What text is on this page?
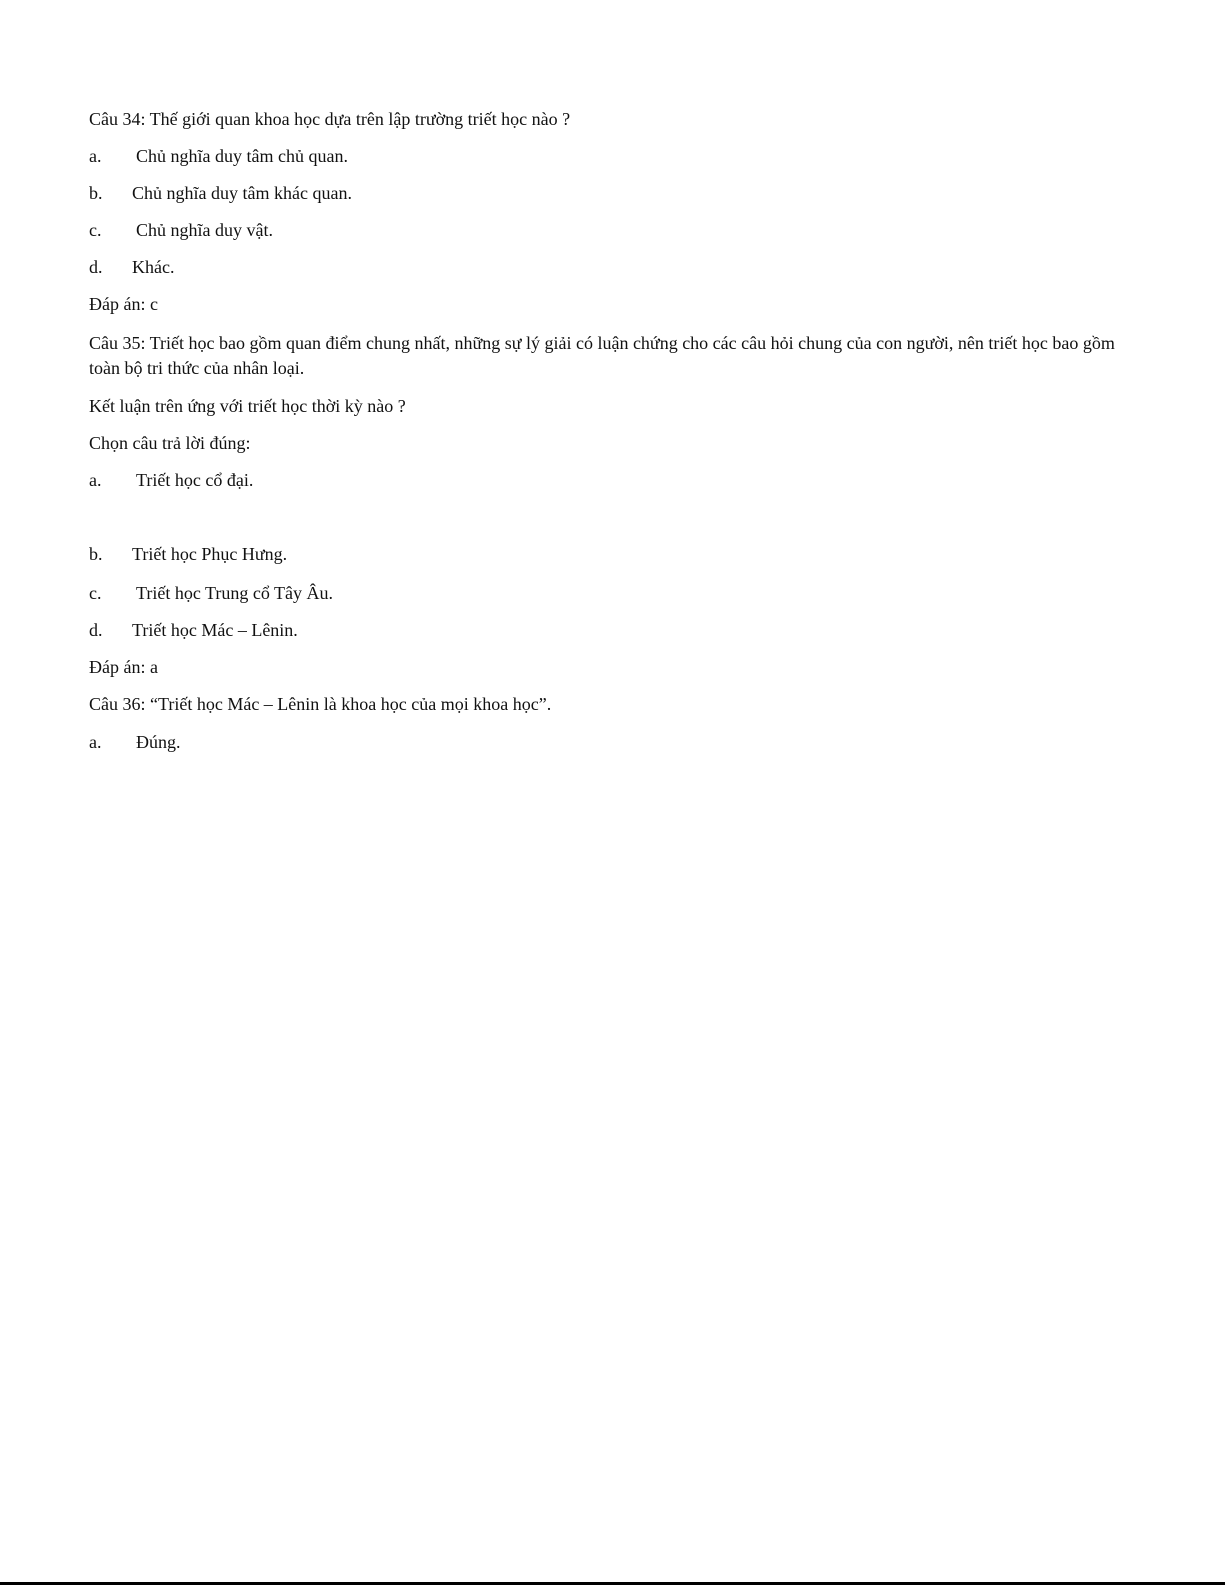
Câu 34: Thế giới quan khoa học dựa trên lập trường triết học nào ?
a. Chủ nghĩa duy tâm chủ quan.
b. Chủ nghĩa duy tâm khác quan.
c. Chủ nghĩa duy vật.
d. Khác.
Đáp án: c
Câu 35: Triết học bao gồm quan điểm chung nhất, những sự lý giải có luận chứng cho các câu hỏi chung của con người, nên triết học bao gồm toàn bộ tri thức của nhân loại.
Kết luận trên ứng với triết học thời kỳ nào ?
Chọn câu trả lời đúng:
a. Triết học cổ đại.
b. Triết học Phục Hưng.
c. Triết học Trung cổ Tây Âu.
d. Triết học Mác – Lênin.
Đáp án: a
Câu 36: “Triết học Mác – Lênin là khoa học của mọi khoa học”.
a. Đúng.
